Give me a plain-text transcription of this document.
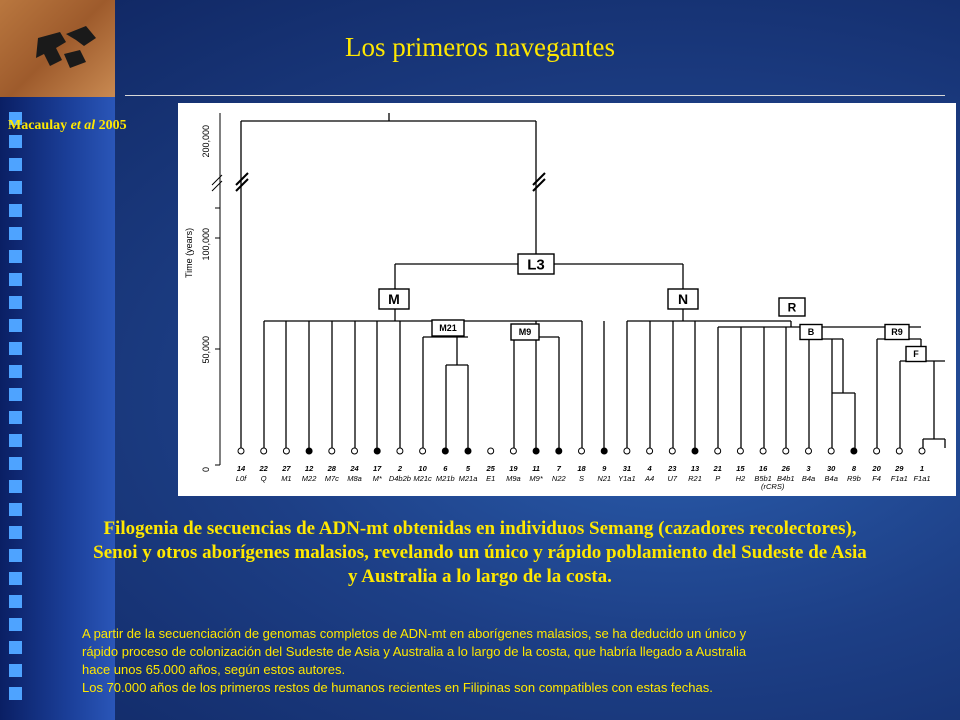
Los primeros navegantes
Macaulay et al 2005	200,000
100,000
50,000
0
Time (years)	L3
M	N
R
M21	M9	B	R9
F
14
L0f
22
Q
27
M1
12
M22
28
M7c
24
M8a
17
M*
2
D4b2b
10
M21c
6
M21b
5
M21a
25
E1
19
M9a
11
M9*
7
N22
18
S
9
N21
31
Y1a1
4
A4
23
U7
13
R21
21
P
15
H2
16
B5b1
26
B4b1
3
B4a
30
B4a
8
R9b
20
F4
29
F1a1
1
F1a1
(rCRS)
Filogenia de secuencias de ADN-mt obtenidas en individuos Semang (cazadores recolectores),
Senoi y otros aborígenes malasios, revelando un único y rápido poblamiento del Sudeste de Asia
y Australia a lo largo de la costa.
A partir de la secuenciación de genomas completos de ADN-mt en aborígenes malasios, se ha deducido un único y
rápido proceso de colonización del Sudeste de Asia y Australia a lo largo de la costa, que habría llegado a Australia
hace unos 65.000 años, según estos autores.
Los 70.000 años de los primeros restos de humanos recientes en Filipinas son compatibles con estas fechas.
